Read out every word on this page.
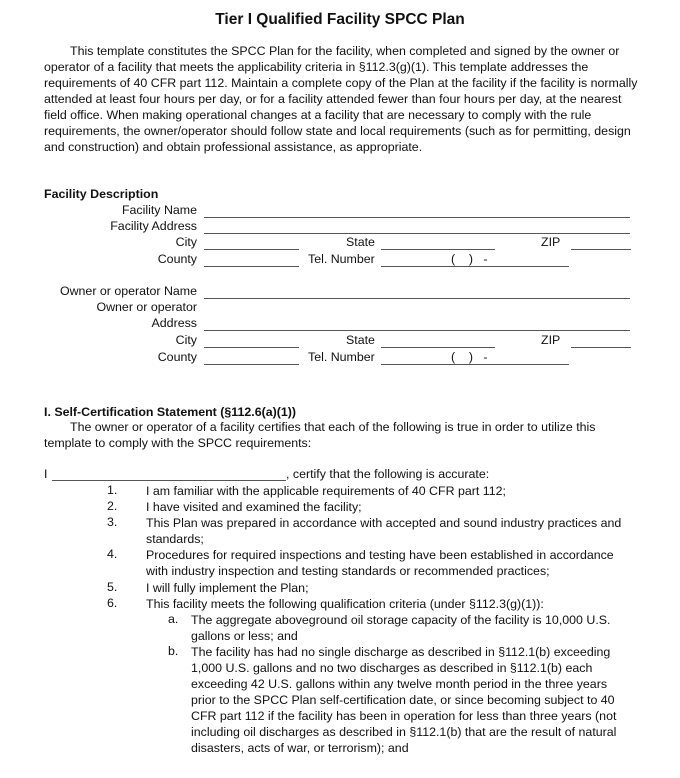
Tier I Qualified Facility SPCC Plan

This template constitutes the SPCC Plan for the facility, when completed and signed by the owner or operator of a facility that meets the applicability criteria in §112.3(g)(1). This template addresses the requirements of 40 CFR part 112. Maintain a complete copy of the Plan at the facility if the facility is normally attended at least four hours per day, or for a facility attended fewer than four hours per day, at the nearest field office. When making operational changes at a facility that are necessary to comply with the rule requirements, the owner/operator should follow state and local requirements (such as for permitting, design and construction) and obtain professional assistance, as appropriate.

Facility Description
Facility Name
Facility Address
City	State	ZIP
County	Tel. Number	(    )   -
Owner or operator Name
Owner or operator
Address
City	State	ZIP
County	Tel. Number	(    )   -
I. Self-Certification Statement (§112.6(a)(1))
The owner or operator of a facility certifies that each of the following is true in order to utilize this template to comply with the SPCC requirements:
I	, certify that the following is accurate:
1. I am familiar with the applicable requirements of 40 CFR part 112;
2. I have visited and examined the facility;
3. This Plan was prepared in accordance with accepted and sound industry practices and standards;
4. Procedures for required inspections and testing have been established in accordance with industry inspection and testing standards or recommended practices;
5. I will fully implement the Plan;
6. This facility meets the following qualification criteria (under §112.3(g)(1)):
a. The aggregate aboveground oil storage capacity of the facility is 10,000 U.S. gallons or less; and
b. The facility has had no single discharge as described in §112.1(b) exceeding 1,000 U.S. gallons and no two discharges as described in §112.1(b) each exceeding 42 U.S. gallons within any twelve month period in the three years prior to the SPCC Plan self-certification date, or since becoming subject to 40 CFR part 112 if the facility has been in operation for less than three years (not including oil discharges as described in §112.1(b) that are the result of natural disasters, acts of war, or terrorism); and
